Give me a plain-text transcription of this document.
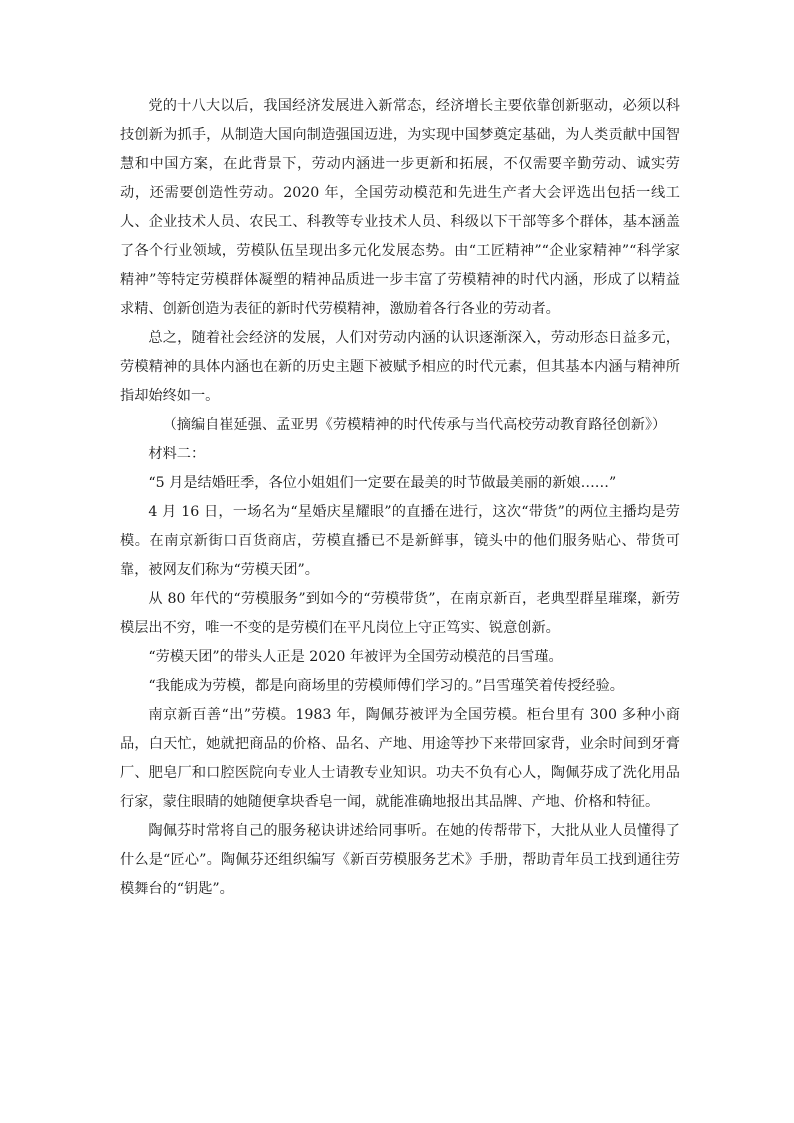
党的十八大以后，我国经济发展进入新常态，经济增长主要依靠创新驱动，必须以科技创新为抓手，从制造大国向制造强国迈进，为实现中国梦奠定基础，为人类贡献中国智慧和中国方案，在此背景下，劳动内涵进一步更新和拓展，不仅需要辛勤劳动、诚实劳动，还需要创造性劳动。2020 年，全国劳动模范和先进生产者大会评选出包括一线工人、企业技术人员、农民工、科教等专业技术人员、科级以下干部等多个群体，基本涵盖了各个行业领域，劳模队伍呈现出多元化发展态势。由“工匠精神”“企业家精神”“科学家精神”等特定劳模群体凝塑的精神品质进一步丰富了劳模精神的时代内涵，形成了以精益求精、创新创造为表征的新时代劳模精神，激励着各行各业的劳动者。

总之，随着社会经济的发展，人们对劳动内涵的认识逐渐深入，劳动形态日益多元，劳模精神的具体内涵也在新的历史主题下被赋予相应的时代元素，但其基本内涵与精神所指却始终如一。

（摘编自崔延强、孟亚男《劳模精神的时代传承与当代高校劳动教育路径创新》）

材料二：

“5 月是结婚旺季，各位小姐姐们一定要在最美的时节做最美丽的新娘……”

4 月 16 日，一场名为“星婚庆星耀眼”的直播在进行，这次“带货”的两位主播均是劳模。在南京新街口百货商店，劳模直播已不是新鲜事，镜头中的他们服务贴心、带货可靠，被网友们称为“劳模天团”。

从 80 年代的“劳模服务”到如今的“劳模带货”，在南京新百，老典型群星璀璨，新劳模层出不穷，唯一不变的是劳模们在平凡岗位上守正笃实、锐意创新。

“劳模天团”的带头人正是 2020 年被评为全国劳动模范的吕雪瑾。

“我能成为劳模，都是向商场里的劳模师傅们学习的。”吕雪瑾笑着传授经验。

南京新百善“出”劳模。1983 年，陶佩芬被评为全国劳模。柜台里有 300 多种小商品，白天忙，她就把商品的价格、品名、产地、用途等抄下来带回家背，业余时间到牙膏厂、肥皂厂和口腔医院向专业人士请教专业知识。功夫不负有心人，陶佩芬成了洗化用品行家，蒙住眼睛的她随便拿块香皂一闻，就能准确地报出其品牌、产地、价格和特征。

陶佩芬时常将自己的服务秘诀讲述给同事听。在她的传帮带下，大批从业人员懂得了什么是“匠心”。陶佩芬还组织编写《新百劳模服务艺术》手册，帮助青年员工找到通往劳模舞台的“钥匙”。
